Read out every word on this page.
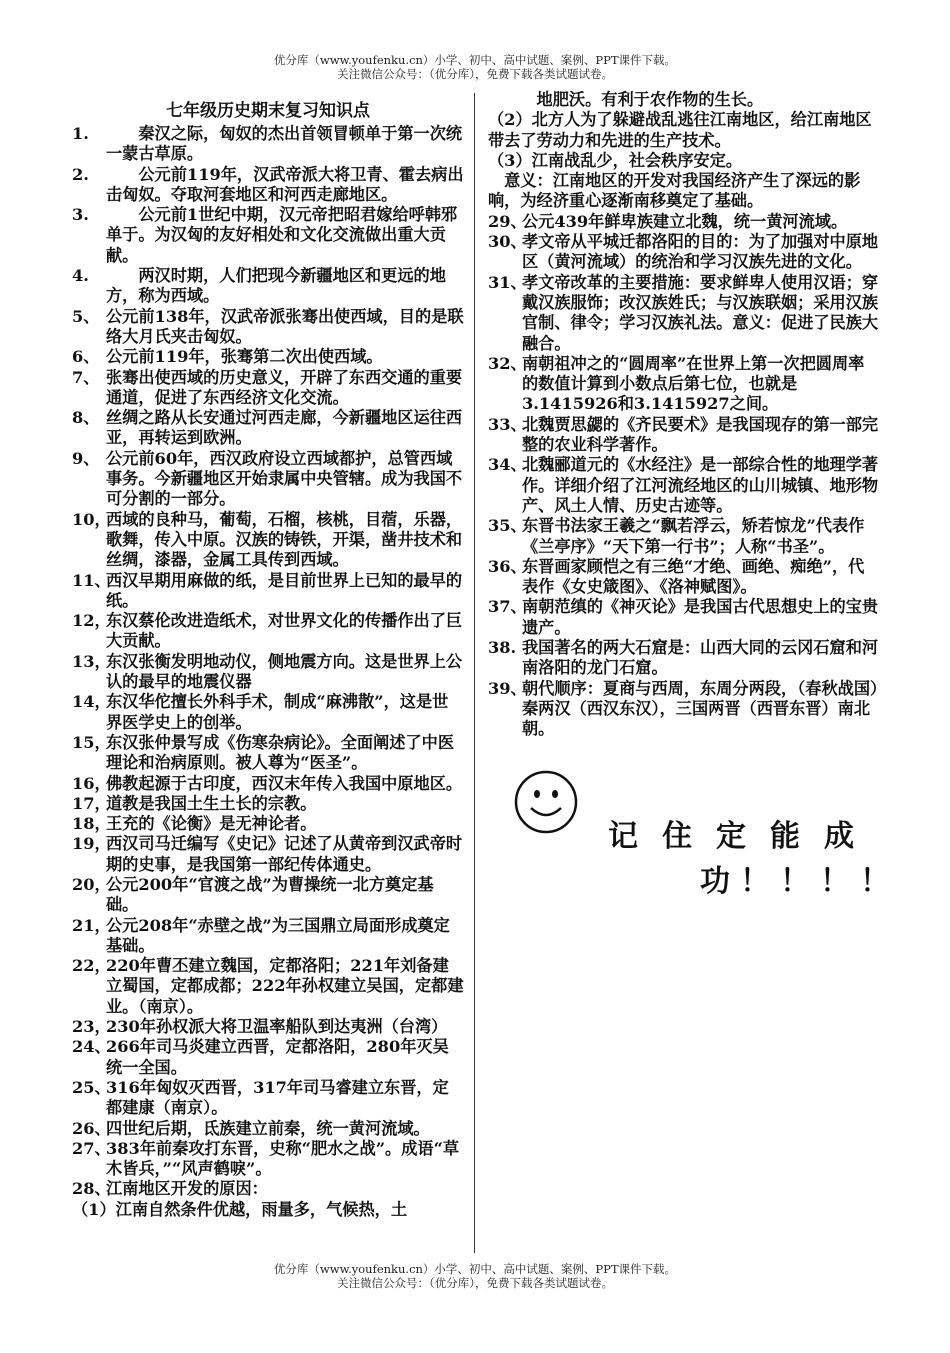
优分库（www.youfenku.cn）小学、初中、高中试题、案例、PPT课件下载。
关注微信公众号：（优分库），免费下载各类试题试卷。
七年级历史期末复习知识点
1.	　　秦汉之际，匈奴的杰出首领冒顿单于第一次统一蒙古草原。
2.	　　公元前119年，汉武帝派大将卫青、霍去病出击匈奴。夺取河套地区和河西走廊地区。
3.	　　公元前1世纪中期，汉元帝把昭君嫁给呼韩邪单于。为汉匈的友好相处和文化交流做出重大贡献。
4.	　　两汉时期，人们把现今新疆地区和更远的地方，称为西域。
5、 公元前138年，汉武帝派张骞出使西域，目的是联络大月氏夹击匈奴。
6、 公元前119年，张骞第二次出使西域。
7、 张骞出使西域的历史意义，开辟了东西交通的重要通道，促进了东西经济文化交流。
8、 丝绸之路从长安通过河西走廊，今新疆地区运往西亚，再转运到欧洲。
9、 公元前60年，西汉政府设立西域都护，总管西域事务。今新疆地区开始隶属中央管辖。成为我国不可分割的一部分。
10，
西域的良种马，葡萄，石榴，核桃，目蓿，乐器，歌舞，传入中原。汉族的铸铁，开渠，凿井技术和丝绸，漆器，金属工具传到西域。
11、
西汉早期用麻做的纸，是目前世界上已知的最早的纸。
12，
东汉蔡伦改进造纸术，对世界文化的传播作出了巨大贡献。
13，
东汉张衡发明地动仪，侧地震方向。这是世界上公认的最早的地震仪器
14，
东汉华佗擅长外科手术，制成“麻沸散”，这是世界医学史上的创举。
15，
东汉张仲景写成《伤寒杂病论》。全面阐述了中医理论和治病原则。被人尊为“医圣”。
16，
佛教起源于古印度，西汉末年传入我国中原地区。
17，
道教是我国土生土长的宗教。
18，
王充的《论衡》是无神论者。
19，
西汉司马迁编写《史记》记述了从黄帝到汉武帝时期的史事，是我国第一部纪传体通史。
20，
公元200年“官渡之战”为曹操统一北方奠定基础。
21，
公元208年“赤壁之战”为三国鼎立局面形成奠定基础。
22，
220年曹丕建立魏国，定都洛阳；221年刘备建立蜀国，定都成都；222年孙权建立吴国，定都建业。（南京）。
23，
230年孙权派大将卫温率船队到达夷洲（台湾）
24、
266年司马炎建立西晋，定都洛阳，280年灭吴统一全国。
25、
316年匈奴灭西晋，317年司马睿建立东晋，定都建康（南京）。
26、
四世纪后期，氐族建立前秦，统一黄河流域。
27、
383年前秦攻打东晋，史称“肥水之战”。成语“草木皆兵，”“风声鹤唳”。
28、
江南地区开发的原因：
（1）江南自然条件优越，雨量多，气候热，土
　　　地肥沃。有利于农作物的生长。
（2）北方人为了躲避战乱逃往江南地区，给江南地区带去了劳动力和先进的生产技术。
（3）江南战乱少，社会秩序安定。
　意义：江南地区的开发对我国经济产生了深远的影响，为经济重心逐渐南移奠定了基础。
29、
公元439年鲜卑族建立北魏，统一黄河流域。
30、
孝文帝从平城迁都洛阳的目的：为了加强对中原地区（黄河流域）的统治和学习汉族先进的文化。
31、
孝文帝改革的主要措施：要求鲜卑人使用汉语；穿戴汉族服饰；改汉族姓氏；与汉族联姻；采用汉族官制、律令；学习汉族礼法。意义：促进了民族大融合。
32、
南朝祖冲之的“圆周率”在世界上第一次把圆周率的数值计算到小数点后第七位，也就是3.1415926和3.1415927之间。
33、
北魏贾思勰的《齐民要术》是我国现存的第一部完整的农业科学著作。
34、
北魏郦道元的《水经注》是一部综合性的地理学著作。详细介绍了江河流经地区的山川城镇、地形物产、风土人情、历史古迹等。
35、
东晋书法家王羲之“飘若浮云，矫若惊龙”代表作《兰亭序》“天下第一行书”；人称“书圣”。
36、
东晋画家顾恺之有三绝“才绝、画绝、痴绝”，代表作《女史箴图》、《洛神赋图》。
37、
南朝范缜的《神灭论》是我国古代思想史上的宝贵遗产。
38. 我国著名的两大石窟是：山西大同的云冈石窟和河南洛阳的龙门石窟。
39、
朝代顺序：夏商与西周，东周分两段，（春秋战国）秦两汉（西汉东汉），三国两晋（西晋东晋）南北朝。
记住定能成
功！！！！
优分库（www.youfenku.cn）小学、初中、高中试题、案例、PPT课件下载。
关注微信公众号：（优分库），免费下载各类试题试卷。
